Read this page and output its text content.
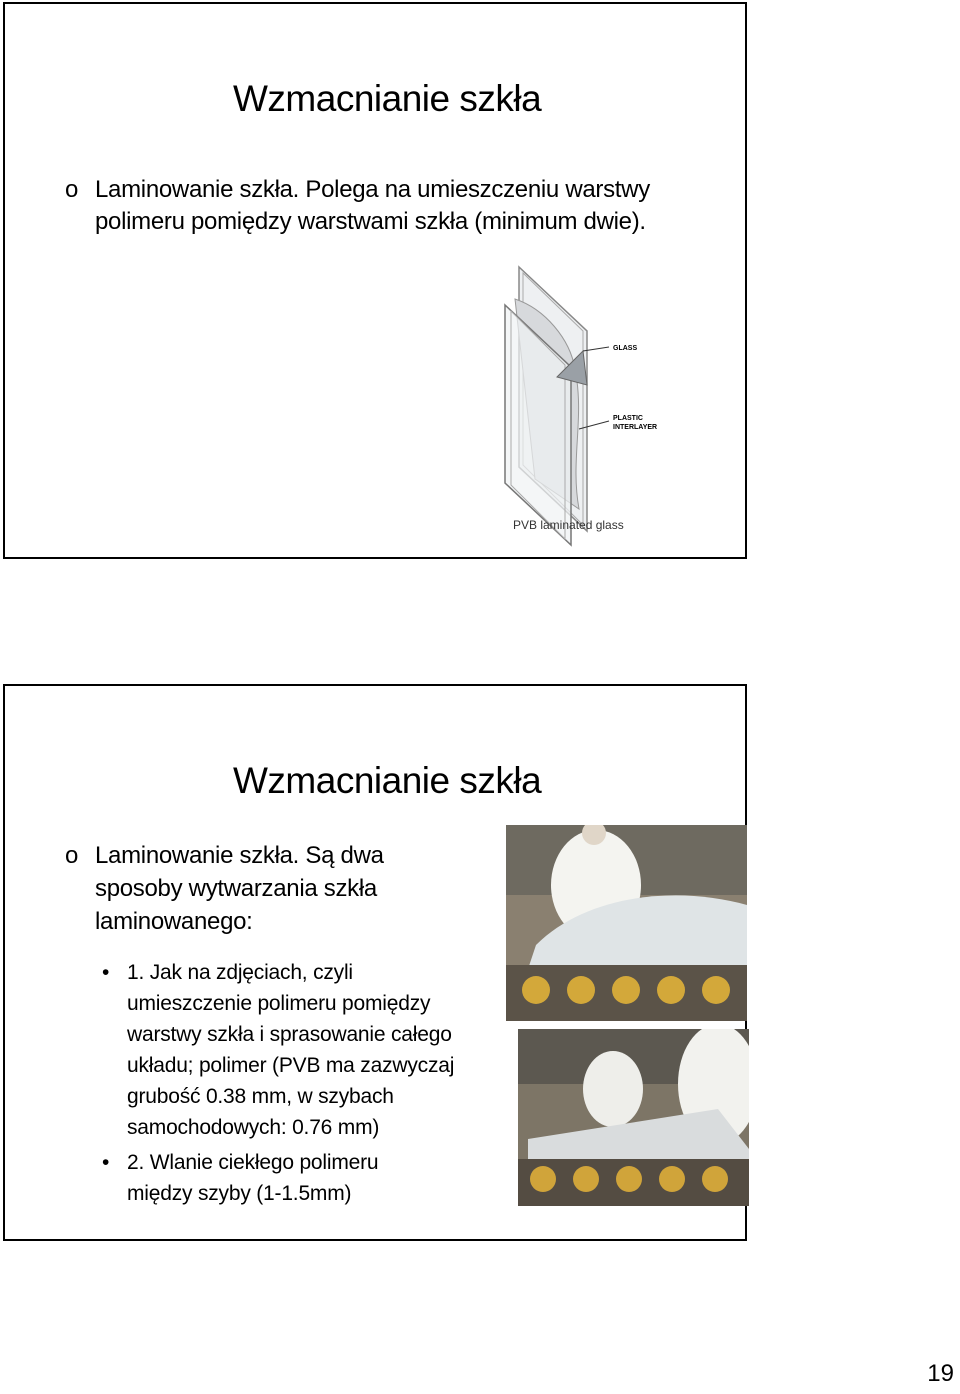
Wzmacnianie szkła
o Laminowanie szkła. Polega na umieszczeniu warstwy
polimeru pomiędzy warstwami szkła (minimum dwie).
GLASS
PLASTIC
INTERLAYER
PVB laminated glass
Wzmacnianie szkła
o Laminowanie szkła. Są dwa
sposoby wytwarzania szkła
laminowanego:
• 1. Jak na zdjęciach, czyli
umieszczenie polimeru pomiędzy
warstwy szkła i sprasowanie całego
układu; polimer (PVB ma zazwyczaj
grubość 0.38 mm, w szybach
samochodowych: 0.76 mm)
• 2. Wlanie ciekłego polimeru
między szyby (1-1.5mm)
19
